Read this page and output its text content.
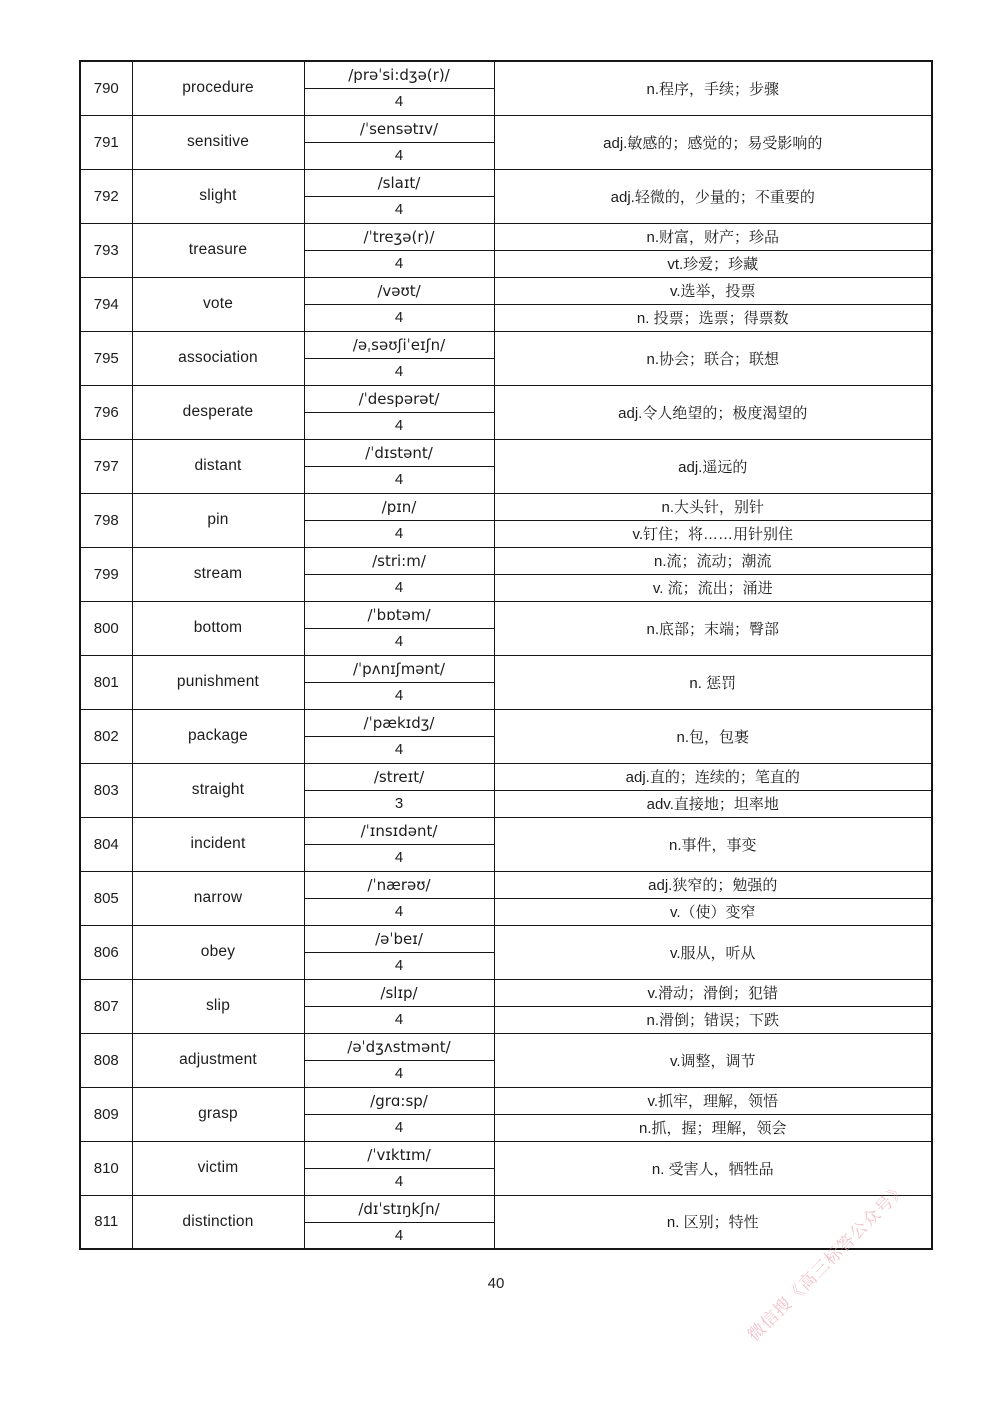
790	procedure	/prəˈsi:dʒə(r)/	n.程序，手续；步骤
		4	
791	sensitive	/ˈsensətɪv/	adj.敏感的；感觉的；易受影响的
		4	
792	slight	/slaɪt/	adj.轻微的，少量的；不重要的
		4	
793	treasure	/ˈtreʒə(r)/	n.财富，财产；珍品
		4	vt.珍爱；珍藏
794	vote	/vəʊt/	v.选举，投票
		4	n. 投票；选票；得票数
795	association	/əˌsəʊʃiˈeɪʃn/	n.协会；联合；联想
		4	
796	desperate	/ˈdespərət/	adj.令人绝望的；极度渴望的
		4	
797	distant	/ˈdɪstənt/	adj.遥远的
		4	
798	pin	/pɪn/	n.大头针，别针
		4	v.钉住；将……用针别住
799	stream	/stri:m/	n.流；流动；潮流
		4	v. 流；流出；涌进
800	bottom	/ˈbɒtəm/	n.底部；末端；臀部
		4	
801	punishment	/ˈpʌnɪʃmənt/	n. 惩罚
		4	
802	package	/ˈpækɪdʒ/	n.包，包裹
		4	
803	straight	/streɪt/	adj.直的；连续的；笔直的
		3	adv.直接地；坦率地
804	incident	/ˈɪnsɪdənt/	n.事件，事变
		4	
805	narrow	/ˈnærəʊ/	adj.狭窄的；勉强的
		4	v.（使）变窄
806	obey	/əˈbeɪ/	v.服从，听从
		4	
807	slip	/slɪp/	v.滑动；滑倒；犯错
		4	n.滑倒；错误；下跌
808	adjustment	/əˈdʒʌstmənt/	v.调整，调节
		4	
809	grasp	/grɑ:sp/	v.抓牢，理解，领悟
		4	n.抓，握；理解，领会
810	victim	/ˈvɪktɪm/	n. 受害人，牺牲品
		4	
811	distinction	/dɪˈstɪŋkʃn/	n. 区别；特性
		4	
40	微信搜《高三标答公众号》
